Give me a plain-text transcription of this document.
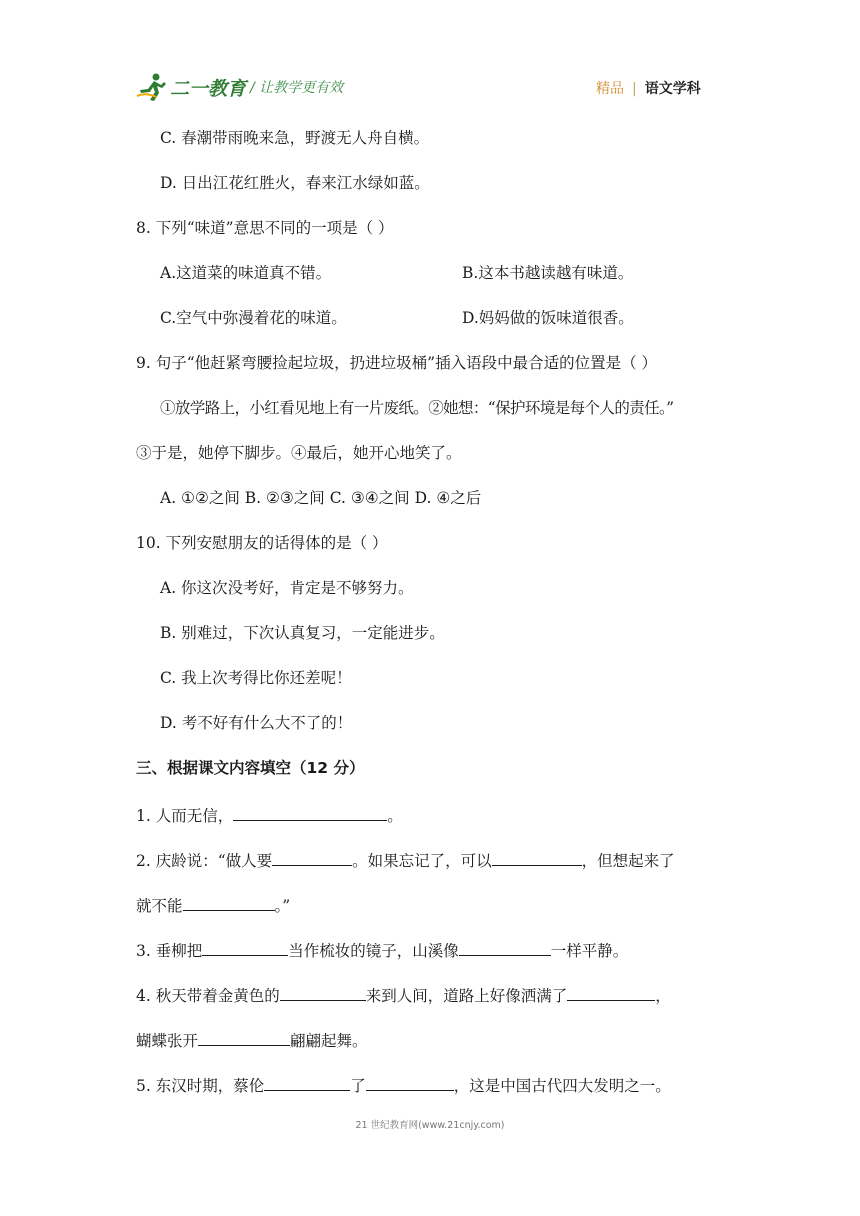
二一教育 / 让教学更有效	精品 | 语文学科
C. 春潮带雨晚来急，野渡无人舟自横。
D. 日出江花红胜火，春来江水绿如蓝。
8. 下列“味道”意思不同的一项是（ ）
A.这道菜的味道真不错。	B.这本书越读越有味道。
C.空气中弥漫着花的味道。	D.妈妈做的饭味道很香。
9. 句子“他赶紧弯腰捡起垃圾，扔进垃圾桶”插入语段中最合适的位置是（ ）
①放学路上，小红看见地上有一片废纸。②她想：“保护环境是每个人的责任。”
③于是，她停下脚步。④最后，她开心地笑了。
A. ①②之间 B. ②③之间 C. ③④之间 D. ④之后
10. 下列安慰朋友的话得体的是（ ）
A. 你这次没考好，肯定是不够努力。
B. 别难过，下次认真复习，一定能进步。
C. 我上次考得比你还差呢！
D. 考不好有什么大不了的！
三、根据课文内容填空（12 分）
1. 人而无信，	。
2. 庆龄说：“做人要	。如果忘记了，可以	，但想起来了
就不能	。”
3. 垂柳把	当作梳妆的镜子，山溪像	一样平静。
4. 秋天带着金黄色的	来到人间，道路上好像洒满了	，
蝴蝶张开	翩翩起舞。
5. 东汉时期，蔡伦	了	，这是中国古代四大发明之一。
21 世纪教育网(www.21cnjy.com)
